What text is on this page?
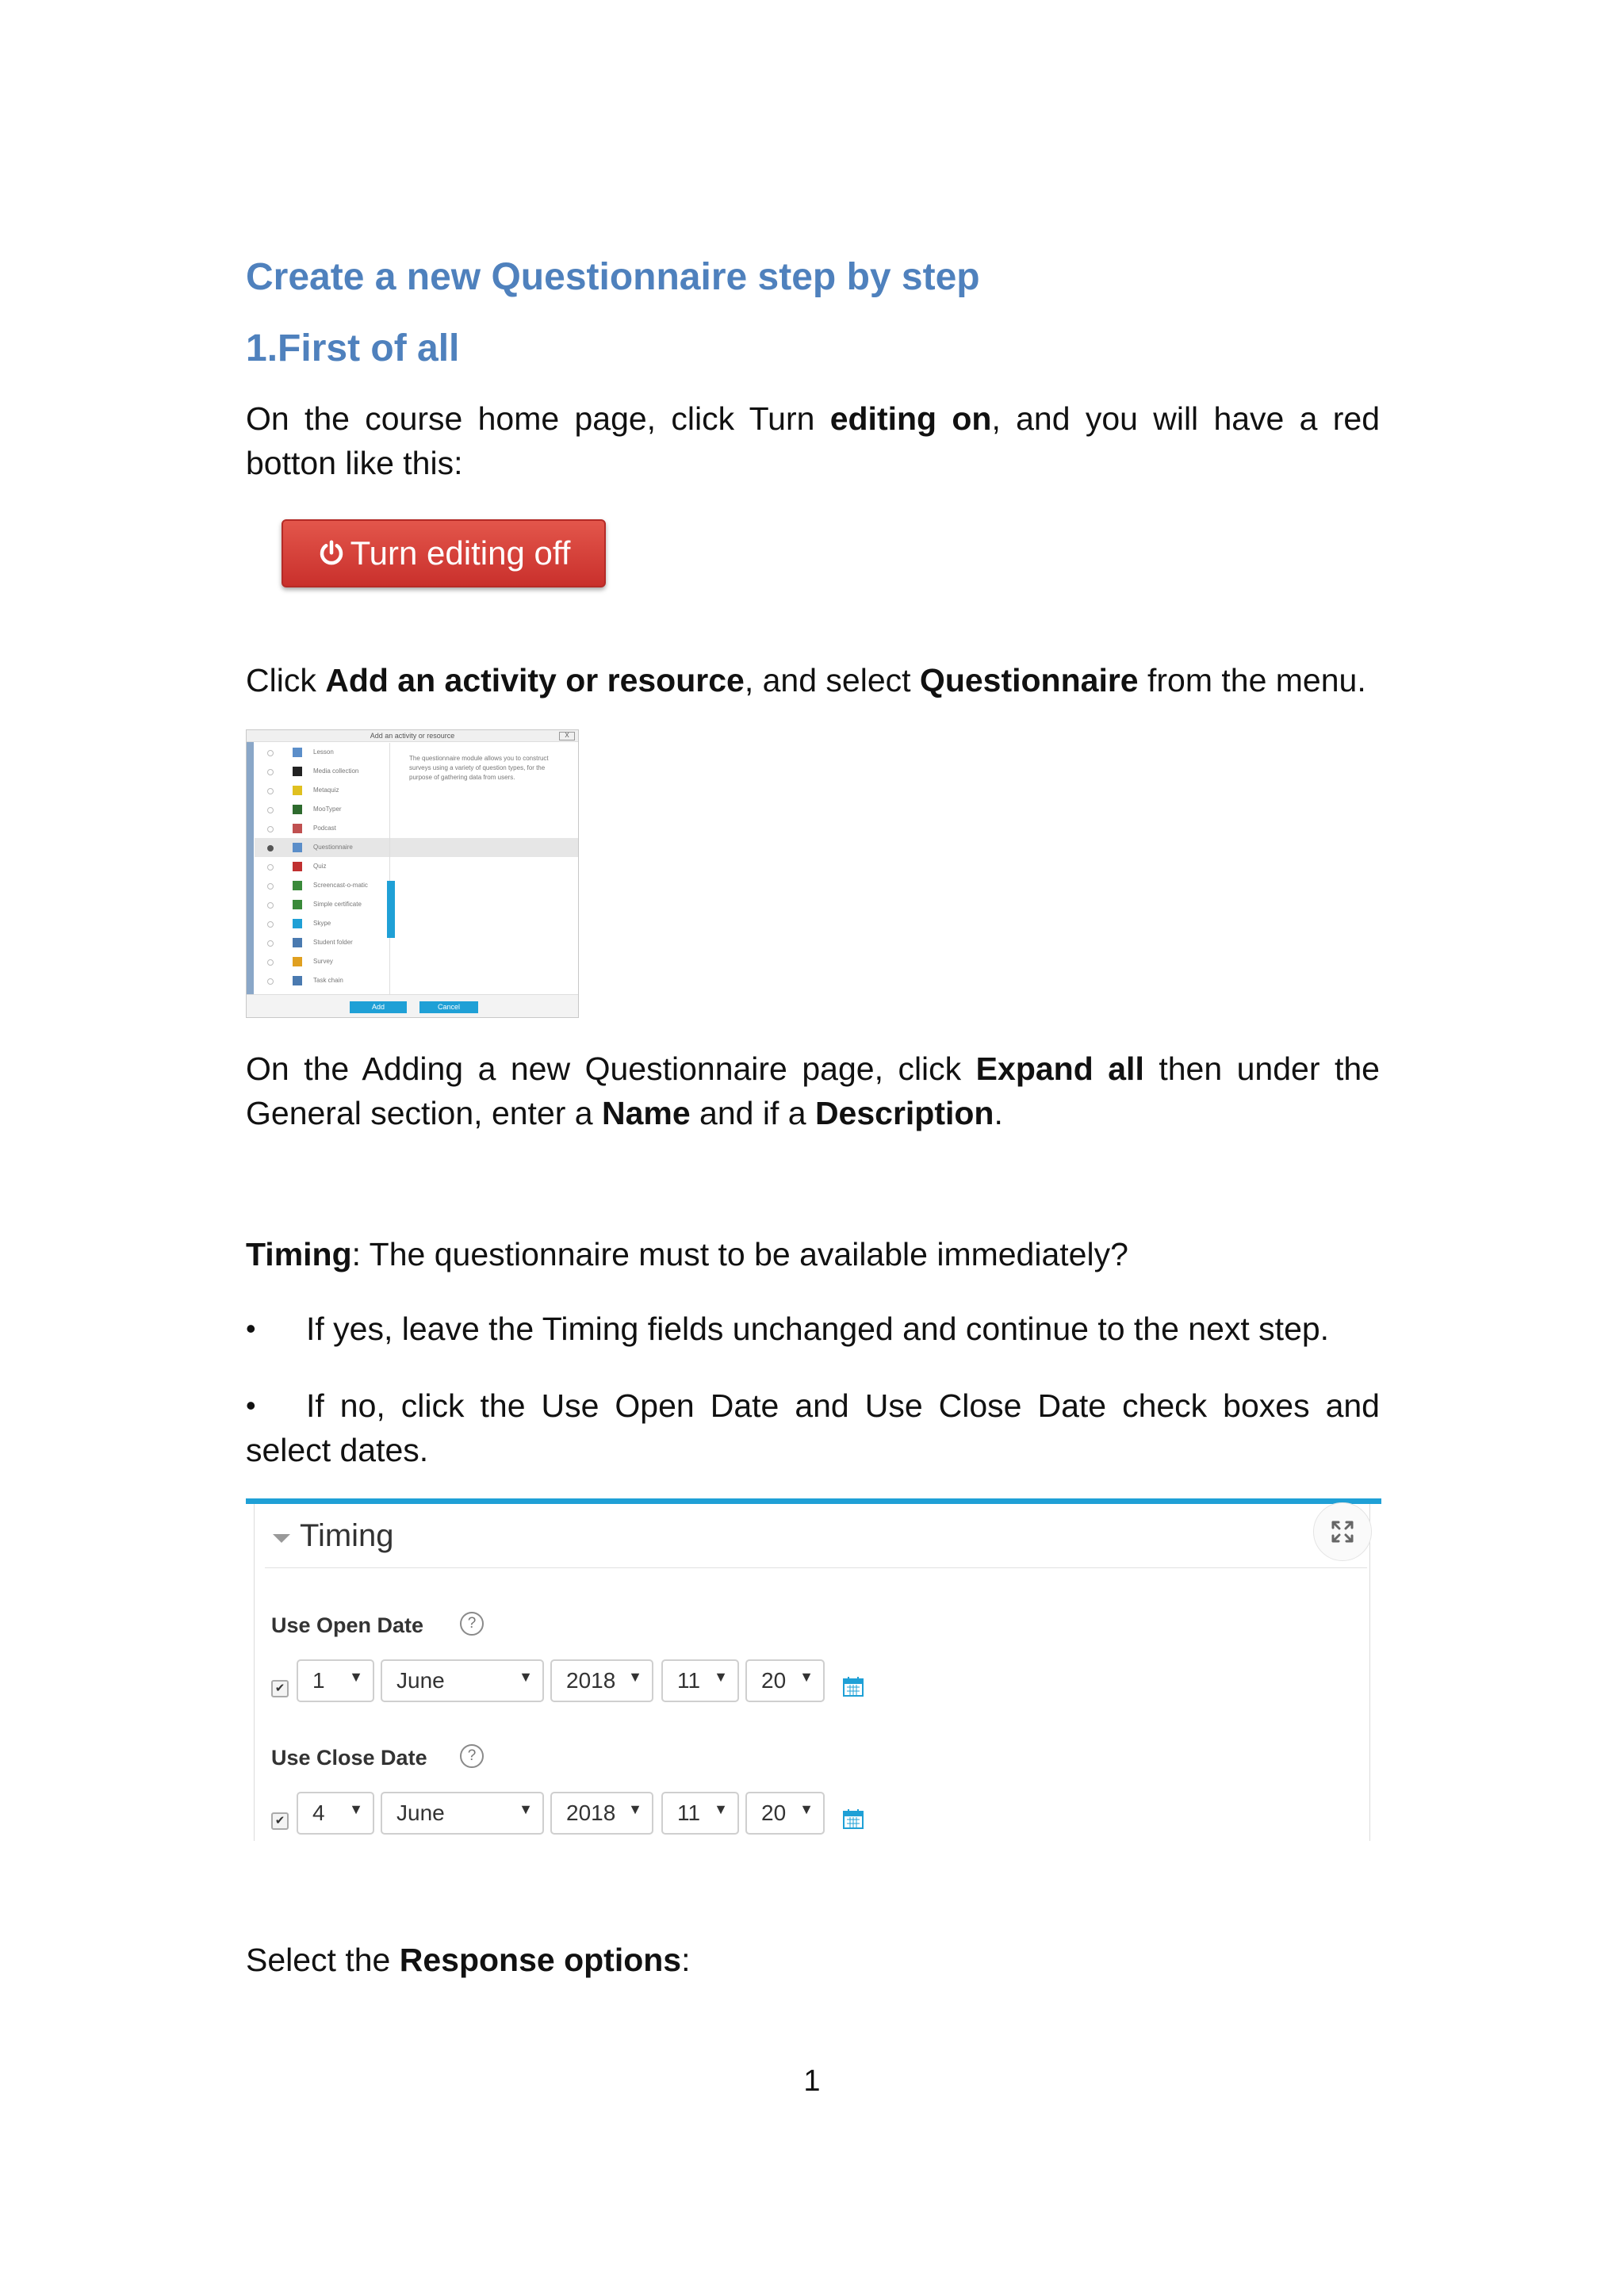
Create a new Questionnaire step by step
1.First of all
On the course home page, click Turn editing on, and you will have a red botton like this:
Turn editing off
Click Add an activity or resource, and select Questionnaire from the menu.
Add an activity or resource	X
Lesson
Media collection
Metaquiz
MooTyper
Podcast
Questionnaire
Quiz
Screencast-o-matic
Simple certificate
Skype
Student folder
Survey
Task chain
The questionnaire module allows you to construct surveys using a variety of question types, for the purpose of gathering data from users.
Add	Cancel
On the Adding a new Questionnaire page, click Expand all then under the General section, enter a Name and if a Description.
Timing: The questionnaire must to be available immediately?
• If yes, leave the Timing fields unchanged and continue to the next step.
• If no, click the Use Open Date and Use Close Date check boxes and select dates.
Timing
Use Open Date	?
✔ 1 ▼ June	▼ 2018 ▼ 11 ▼ 20 ▼
Use Close Date	?
✔ 4 ▼ June	▼ 2018 ▼ 11 ▼ 20 ▼
Select the Response options:
1
